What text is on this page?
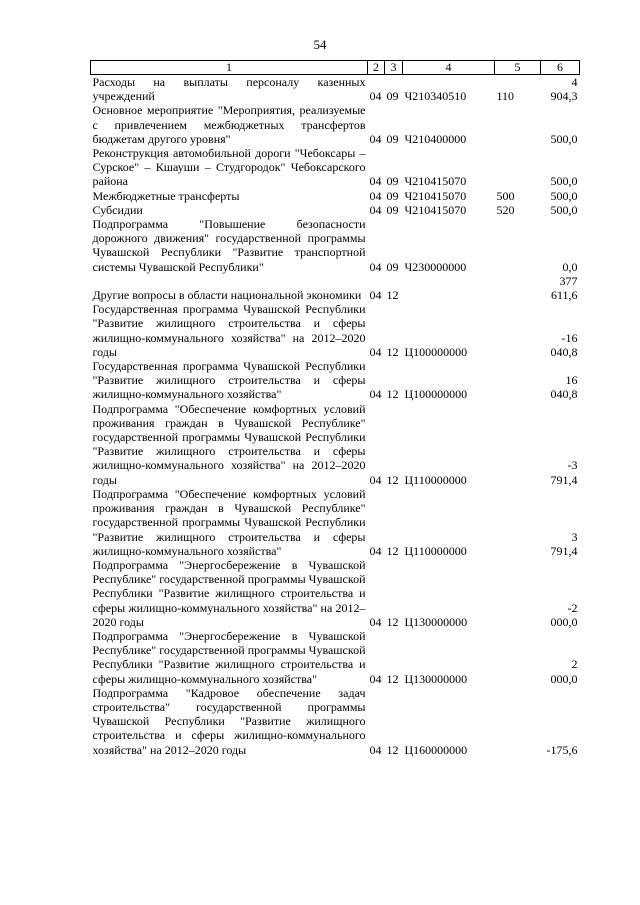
54
1	2	3	4	5	6
Расходы на выплаты персоналу казенных учреждений	04	09	Ч210340510	110	4 904,3
Основное мероприятие "Мероприятия, реализуемые с привлечением межбюджетных трансфертов бюджетам другого уровня"	04	09	Ч210400000		500,0
Реконструкция автомобильной дороги "Чебоксары – Сурское" – Кшауши – Студгородок" Чебоксарского района	04	09	Ч210415070		500,0
Межбюджетные трансферты	04	09	Ч210415070	500	500,0
Субсидии	04	09	Ч210415070	520	500,0
Подпрограмма "Повышение безопасности дорожного движения" государственной программы Чувашской Республики "Развитие транспортной системы Чувашской Республики"	04	09	Ч230000000		0,0
Другие вопросы в области национальной экономики	04	12			377 611,6
Государственная программа Чувашской Республики "Развитие жилищного строительства и сферы жилищно-коммунального хозяйства" на 2012–2020 годы	04	12	Ц100000000		-16 040,8
Государственная программа Чувашской Республики "Развитие жилищного строительства и сферы жилищно-коммунального хозяйства"	04	12	Ц100000000		16 040,8
Подпрограмма "Обеспечение комфортных условий проживания граждан в Чувашской Республике" государственной программы Чувашской Республики "Развитие жилищного строительства и сферы жилищно-коммунального хозяйства" на 2012–2020 годы	04	12	Ц110000000		-3 791,4
Подпрограмма "Обеспечение комфортных условий проживания граждан в Чувашской Республике" государственной программы Чувашской Республики "Развитие жилищного строительства и сферы жилищно-коммунального хозяйства"	04	12	Ц110000000		3 791,4
Подпрограмма "Энергосбережение в Чувашской Республике" государственной программы Чувашской Республики "Развитие жилищного строительства и сферы жилищно-коммунального хозяйства" на 2012–2020 годы	04	12	Ц130000000		-2 000,0
Подпрограмма "Энергосбережение в Чувашской Республике" государственной программы Чувашской Республики "Развитие жилищного строительства и сферы жилищно-коммунального хозяйства"	04	12	Ц130000000		2 000,0
Подпрограмма "Кадровое обеспечение задач строительства" государственной программы Чувашской Республики "Развитие жилищного строительства и сферы жилищно-коммунального хозяйства" на 2012–2020 годы	04	12	Ц160000000		-175,6
